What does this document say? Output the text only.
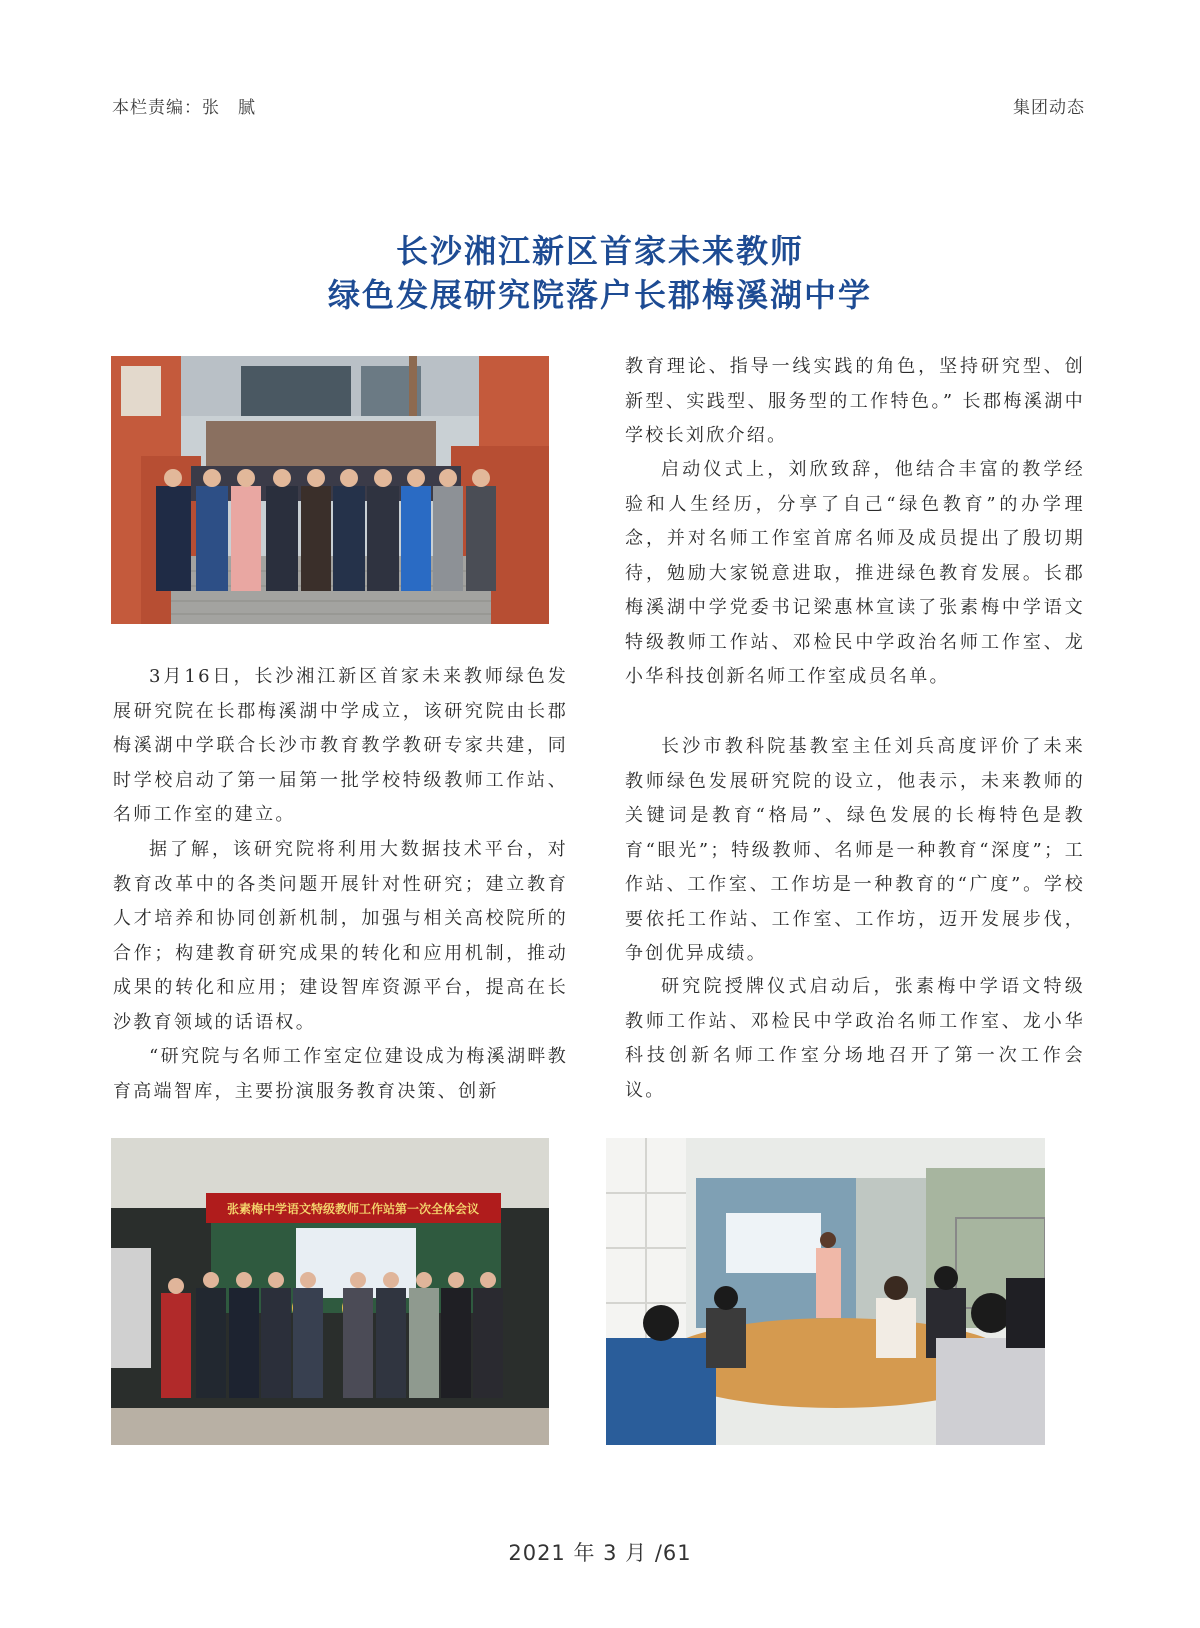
本栏责编：张　腻	集团动态
长沙湘江新区首家未来教师
绿色发展研究院落户长郡梅溪湖中学

3月16日，长沙湘江新区首家未来教师绿色发展研究院在长郡梅溪湖中学成立，该研究院由长郡梅溪湖中学联合长沙市教育教学教研专家共建，同时学校启动了第一届第一批学校特级教师工作站、名师工作室的建立。

据了解，该研究院将利用大数据技术平台，对教育改革中的各类问题开展针对性研究；建立教育人才培养和协同创新机制，加强与相关高校院所的合作；构建教育研究成果的转化和应用机制，推动成果的转化和应用；建设智库资源平台，提高在长沙教育领域的话语权。

“研究院与名师工作室定位建设成为梅溪湖畔教育高端智库，主要扮演服务教育决策、创新

教育理论、指导一线实践的角色，坚持研究型、创新型、实践型、服务型的工作特色。” 长郡梅溪湖中学校长刘欣介绍。

启动仪式上，刘欣致辞，他结合丰富的教学经验和人生经历，分享了自己“绿色教育”的办学理念，并对名师工作室首席名师及成员提出了殷切期待，勉励大家锐意进取，推进绿色教育发展。长郡梅溪湖中学党委书记梁惠林宣读了张素梅中学语文特级教师工作站、邓检民中学政治名师工作室、龙小华科技创新名师工作室成员名单。

长沙市教科院基教室主任刘兵高度评价了未来教师绿色发展研究院的设立，他表示，未来教师的关键词是教育“格局”、绿色发展的长梅特色是教育“眼光”；特级教师、名师是一种教育“深度”；工作站、工作室、工作坊是一种教育的“广度”。学校要依托工作站、工作室、工作坊，迈开发展步伐，争创优异成绩。

研究院授牌仪式启动后，张素梅中学语文特级教师工作站、邓检民中学政治名师工作室、龙小华科技创新名师工作室分场地召开了第一次工作会议。

张素梅中学语文特级教师工作站第一次全体会议
2021 年 3 月 /61
